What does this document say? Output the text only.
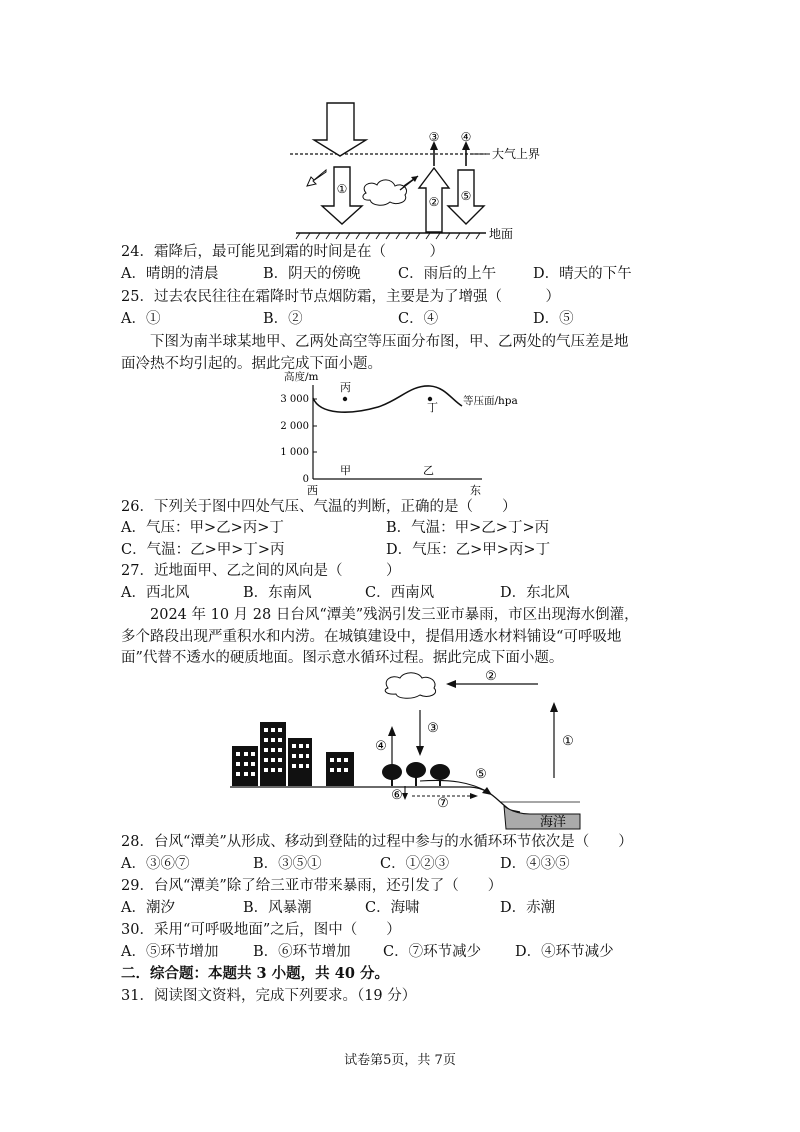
①
②
③ ④
⑤
大气上界
地面
24．霜降后，最可能见到霜的时间是在（　　　）
A．晴朗的清晨	B．阴天的傍晚	C．雨后的上午	D．晴天的下午
25．过去农民往往在霜降时节点烟防霜，主要是为了增强（　　　）
A．①	B．②	C．④	D．⑤
下图为南半球某地甲、乙两处高空等压面分布图，甲、乙两处的气压差是地
面冷热不均引起的。据此完成下面小题。
高度/m
3 000
2 000
1 000
0
丙
丁
甲	乙
等压面/hpa
西	东
26．下列关于图中四处气压、气温的判断，正确的是（　　）
A．气压：甲>乙>丙>丁	B．气温：甲>乙>丁>丙
C．气温：乙>甲>丁>丙	D．气压：乙>甲>丙>丁
27．近地面甲、乙之间的风向是（　　　）
A．西北风	B．东南风	C．西南风	D．东北风
2024 年 10 月 28 日台风“潭美”残涡引发三亚市暴雨，市区出现海水倒灌，
多个路段出现严重积水和内涝。在城镇建设中，提倡用透水材料铺设“可呼吸地
面”代替不透水的硬质地面。图示意水循环过程。据此完成下面小题。
①
②
③
④
⑤
⑥
⑦
海洋
28．台风“潭美”从形成、移动到登陆的过程中参与的水循环环节依次是（　　）
A．③⑥⑦	B．③⑤①	C．①②③	D．④③⑤
29．台风“潭美”除了给三亚市带来暴雨，还引发了（　　）
A．潮汐	B．风暴潮	C．海啸	D．赤潮
30．采用“可呼吸地面”之后，图中（　　）
A．⑤环节增加 B．⑥环节增加 C．⑦环节减少 D．④环节减少
二．综合题：本题共 3 小题，共 40 分。
31．阅读图文资料，完成下列要求。（19 分）
试卷第5页，共 7页
